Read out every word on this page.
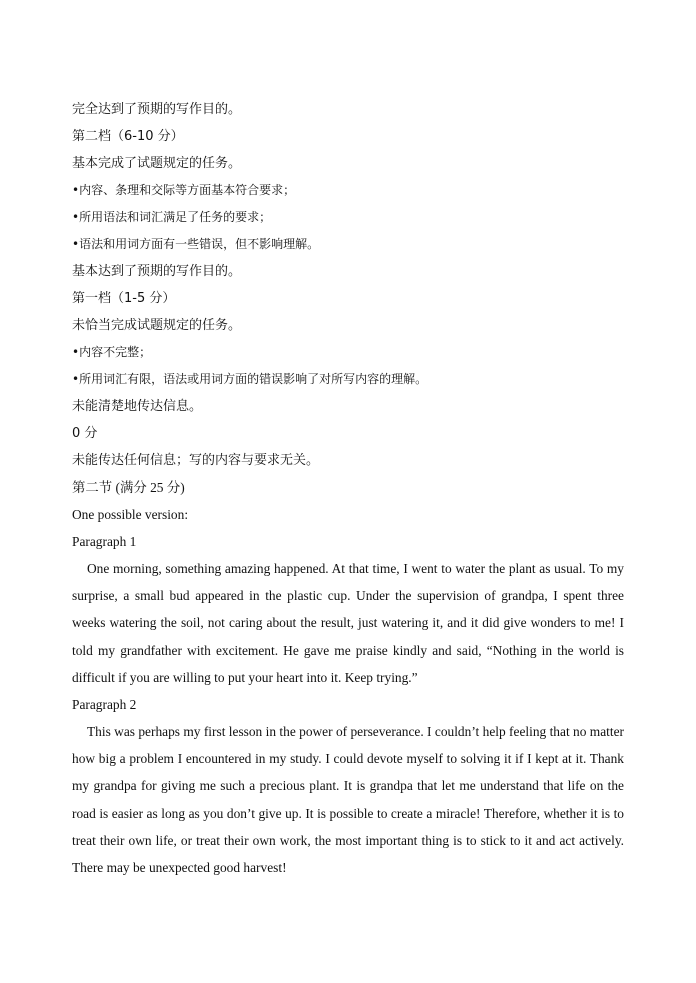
完全达到了预期的写作目的。

第二档（6-10 分）

基本完成了试题规定的任务。

•内容、条理和交际等方面基本符合要求；

•所用语法和词汇满足了任务的要求；

•语法和用词方面有一些错误，但不影响理解。

基本达到了预期的写作目的。

第一档（1-5 分）

未恰当完成试题规定的任务。

•内容不完整；

•所用词汇有限，语法或用词方面的错误影响了对所写内容的理解。

未能清楚地传达信息。

0 分

未能传达任何信息；写的内容与要求无关。

第二节 (满分 25 分)

One possible version:

Paragraph 1

One morning, something amazing happened. At that time, I went to water the plant as usual. To my surprise, a small bud appeared in the plastic cup. Under the supervision of grandpa, I spent three weeks watering the soil, not caring about the result, just watering it, and it did give wonders to me! I told my grandfather with excitement. He gave me praise kindly and said, “Nothing in the world is difficult if you are willing to put your heart into it. Keep trying.”

Paragraph 2

This was perhaps my first lesson in the power of perseverance. I couldn’t help feeling that no matter how big a problem I encountered in my study. I could devote myself to solving it if I kept at it. Thank my grandpa for giving me such a precious plant. It is grandpa that let me understand that life on the road is easier as long as you don’t give up. It is possible to create a miracle! Therefore, whether it is to treat their own life, or treat their own work, the most important thing is to stick to it and act actively. There may be unexpected good harvest!
